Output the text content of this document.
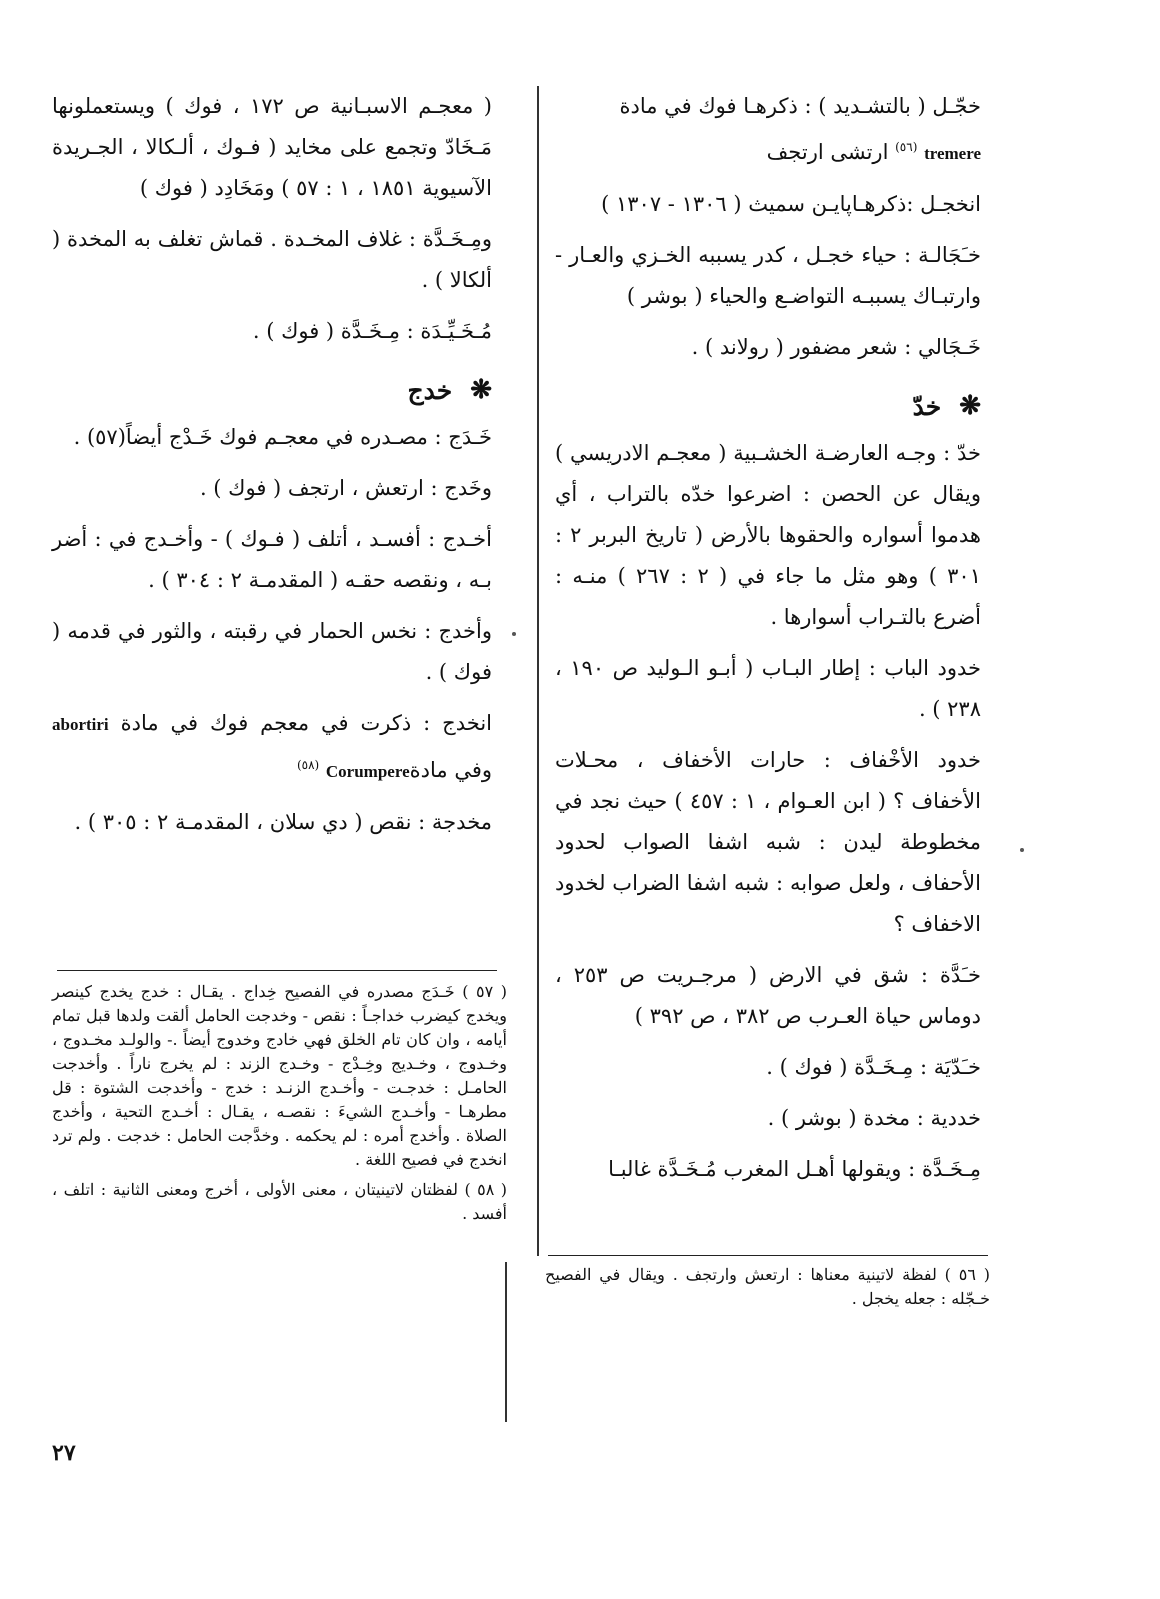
خجّـل ( بالتشـديد ) : ذكرهـا فوك في مادة
tremere $^{(٥٦)}$ ارتشى ارتجف
انخجـل :ذكرهـاپايـن سميث ( ١٣٠٦ - ١٣٠٧ )
خـَجَالـة : حياء خجـل ، كدر يسببه الخـزي والعـار - وارتبـاك يسببـه التواضـع والحياء ( بوشر )
خَـجَالي : شعر مضفور ( رولاند ) .
❋
خدّ
خدّ : وجـه العارضـة الخشـبية ( معجـم الادريسي ) ويقال عن الحصن : اضرعوا خدّه بالتراب ، أي هدموا أسواره والحقوها بالأرض ( تاريخ البربر ٢ : ٣٠١ ) وهو مثل ما جاء في ( ٢ : ٢٦٧ ) منـه : أضرع بالتـراب أسوارها .
خدود الباب : إطار البـاب ( أبـو الـوليد ص ١٩٠ ، ٢٣٨ ) .
خدود الأخْفاف : حارات الأخفاف ، محـلات الأخفاف ؟ ( ابن العـوام ، ١ : ٤٥٧ ) حيث نجد في مخطوطة ليدن : شبه اشفا الصواب لحدود الأحفاف ، ولعل صوابه : شبه اشفا الضراب لخدود الاخفاف ؟
خـَدَّة : شق في الارض ( مرجـريت ص ٢٥٣ ، دوماس حياة العـرب ص ٣٨٢ ، ص ٣٩٢ )
خـَدّيَة : مِـخَـدَّة ( فوك ) .
خددية : مخدة ( بوشر ) .
مِـخَـدَّة : ويقولها أهـل المغرب مُـخَـدَّة غالبـا
( ٥٦ ) لفظة لاتينية معناها : ارتعش وارتجف . ويقال في الفصيح خـجّله : جعله يخجل .
( معجـم الاسبـانية ص ١٧٢ ، فوك ) ويستعملونها مَـخَادّ وتجمع على مخايد ( فـوك ، ألـكالا ، الجـريدة الآسيوية ١٨٥١ ، ١ : ٥٧ ) ومَخَادِد ( فوك )
ومِـخَـدَّة : غلاف المخـدة . قماش تغلف به المخدة ( ألكالا ) .
مُـخَـيِّـدَة : مِـخَـدَّة ( فوك ) .
❋
خدج
خَـدَج : مصـدره في معجـم فوك خَـدْج أيضاً(٥٧) .
وخَدج : ارتعش ، ارتجف ( فوك ) .
أخـدج : أفسـد ، أتلف ( فـوك ) - وأخـدج في : أضر بـه ، ونقصه حقـه ( المقدمـة ٢ : ٣٠٤ ) .
وأخدج : نخس الحمار في رقبته ، والثور في قدمه ( فوك ) .
انخدج : ذكرت في معجم فوك في مادة abortiri وفي مادةCorumpere $^{(٥٨)}$
مخدجة : نقص ( دي سلان ، المقدمـة ٢ : ٣٠٥ ) .
( ٥٧ ) خَـدَج مصدره في الفصيح خِداج . يقـال : خدج يخدج كينصر ويخدج كيضرب خداجـاً : نقص - وخدجت الحامل ألقت ولدها قبل تمام أيامه ، وان كان تام الخلق فهي خادج وخدوج أيضاً .- والولـد مخـدوج ، وخـدوج ، وخـديج وخِـدْج - وخـدج الزند : لم يخرج ناراً . وأخدجت الحامـل : خدجـت - وأخـدج الزنـد : خدج - وأخدجت الشتوة : قل مطرهـا - وأخـدج الشيءَ : نقصـه ، يقـال : أخـدج التحية ، وأخدج الصلاة . وأخدج أمره : لم يحكمه . وخدَّجت الحامل : خدجت . ولم ترد انخدج في فصيح اللغة .
( ٥٨ ) لفظتان لاتينيتان ، معنى الأولى ، أخرج ومعنى الثانية : اتلف ، أفسد .
٢٧
